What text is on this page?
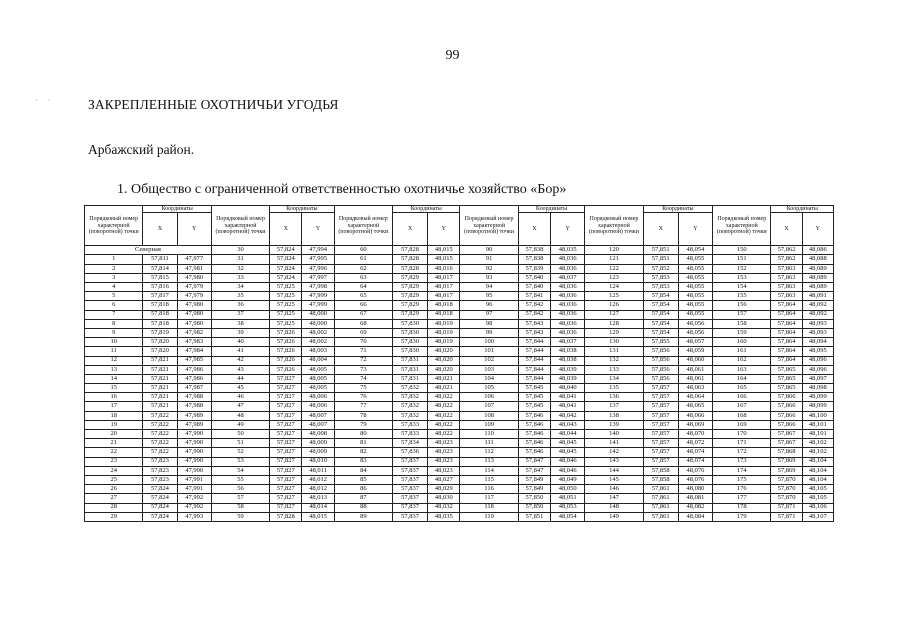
99
· · ЗАКРЕПЛЕННЫЕ ОХОТНИЧЬИ УГОДЬЯ
Арбажский район.
1. Общество с ограниченной ответственностью охотничье хозяйство «Бор»
Порядковый номер характерной (поворотной) точки	Координаты		Порядковый номер характерной (поворотной) точки	Координаты		Порядковый номер характерной (поворотной) точки	Координаты		Порядковый номер характерной (поворотной) точки	Координаты		Порядковый номер характерной (поворотной) точки	Координаты		Порядковый номер характерной (поворотной) точки	Координаты	
	X	Y		X	Y		X	Y		X	Y		X	Y		X	Y
Северная			30	57,824	47,994	60	57,828	48,015	90	57,838	48,035	120	57,851	48,054	150	57,862	48,086
1	57,811	47,977	31	57,824	47,995	61	57,828	48,015	91	57,838	48,036	121	57,851	48,055	151	57,862	48,088
2	57,814	47,981	32	57,824	47,996	62	57,828	48,016	92	57,839	48,036	122	57,852	48,055	152	57,863	48,089
3	57,815	47,980	33	57,824	47,997	63	57,829	48,017	93	57,840	48,037	123	57,853	48,055	153	57,863	48,089
4	57,816	47,979	34	57,825	47,998	64	57,829	48,017	94	57,840	48,036	124	57,853	48,055	154	57,863	48,089
5	57,817	47,979	35	57,825	47,999	65	57,829	48,017	95	57,841	48,036	125	57,854	48,055	155	57,863	48,091
6	57,818	47,980	36	57,825	47,999	66	57,829	48,018	96	57,842	48,036	126	57,854	48,055	156	57,864	48,092
7	57,818	47,980	37	57,825	48,000	67	57,829	48,018	97	57,842	48,036	127	57,854	48,055	157	57,864	48,092
8	57,818	47,980	38	57,825	48,000	68	57,830	48,019	98	57,843	48,036	128	57,854	48,056	158	57,864	48,093
9	57,819	47,982	39	57,826	48,002	69	57,830	48,019	99	57,843	48,036	129	57,854	48,056	159	57,864	48,093
10	57,820	47,983	40	57,826	48,002	70	57,830	48,019	100	57,844	48,037	130	57,855	48,057	160	57,864	48,094
11	57,820	47,984	41	57,826	48,003	71	57,830	48,020	101	57,844	48,038	131	57,856	48,059	161	57,864	48,095
12	57,821	47,985	42	57,826	48,004	72	57,831	48,020	102	57,844	48,038	132	57,856	48,060	162	57,864	48,096
13	57,821	47,986	43	57,826	48,005	73	57,831	48,020	103	57,844	48,039	133	57,856	48,061	163	57,865	48,096
14	57,821	47,986	44	57,827	48,005	74	57,831	48,021	104	57,844	48,039	134	57,856	48,061	164	57,865	48,097
15	57,821	47,987	45	57,827	48,005	75	57,832	48,021	105	57,845	48,040	135	57,857	48,063	165	57,865	48,098
16	57,821	47,988	46	57,827	48,006	76	57,832	48,022	106	57,845	48,041	136	57,857	48,064	166	57,866	48,099
17	57,821	47,988	47	57,827	48,006	77	57,832	48,022	107	57,845	48,041	137	57,857	48,065	167	57,866	48,099
18	57,822	47,989	48	57,827	48,007	78	57,832	48,022	108	57,846	48,042	138	57,857	48,066	168	57,866	48,100
19	57,822	47,989	49	57,827	48,007	79	57,833	48,022	109	57,846	48,043	139	57,857	48,069	169	57,866	48,101
20	57,822	47,990	50	57,827	48,008	80	57,833	48,022	110	57,846	48,044	140	57,857	48,070	170	57,867	48,101
21	57,822	47,990	51	57,827	48,009	81	57,834	48,023	111	57,846	48,045	141	57,857	48,072	171	57,867	48,102
22	57,822	47,990	52	57,827	48,009	82	57,836	48,023	112	57,846	48,045	142	57,857	48,074	172	57,868	48,102
23	57,823	47,990	53	57,827	48,010	83	57,837	48,023	113	57,847	48,046	143	57,857	48,074	173	57,869	48,104
24	57,823	47,990	54	57,827	48,011	84	57,837	48,023	114	57,847	48,046	144	57,858	48,076	174	57,869	48,104
25	57,823	47,991	55	57,827	48,012	85	57,837	48,027	115	57,849	48,049	145	57,858	48,076	175	57,870	48,104
26	57,824	47,991	56	57,827	48,012	86	57,837	48,029	116	57,849	48,050	146	57,861	48,080	176	57,870	48,105
27	57,824	47,992	57	57,827	48,013	87	57,837	48,030	117	57,850	48,051	147	57,861	48,081	177	57,870	48,105
28	57,824	47,992	58	57,827	48,014	88	57,837	48,032	118	57,850	48,053	148	57,861	48,082	178	57,871	48,106
29	57,824	47,993	59	57,828	48,015	89	57,837	48,035	119	57,851	48,054	149	57,861	48,084	179	57,871	48,107
